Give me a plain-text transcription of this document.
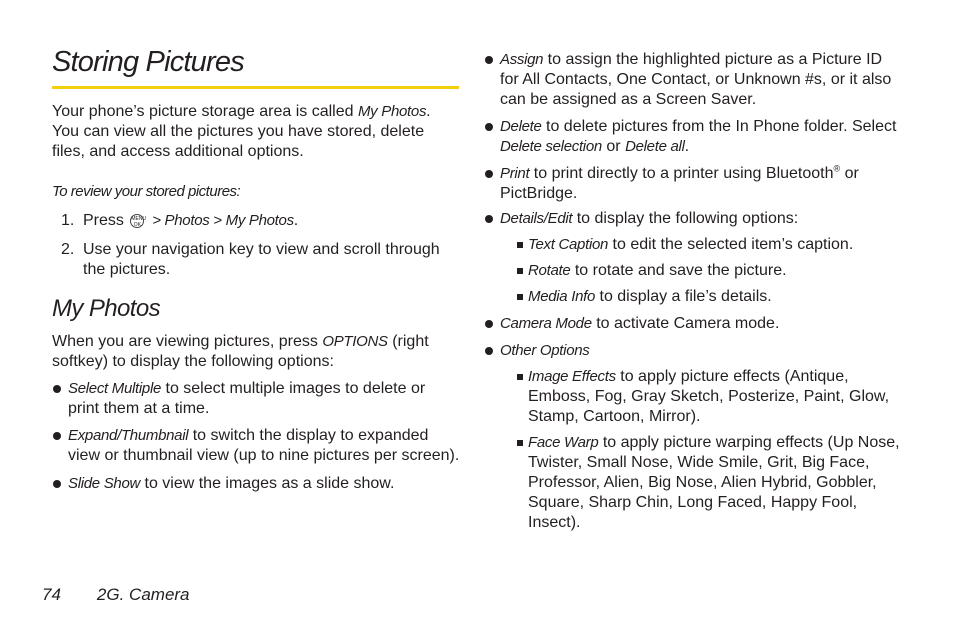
Storing Pictures

Your phone’s picture storage area is called My Photos. You can view all the pictures you have stored, delete files, and access additional options.

To review your stored pictures:

1. Press MENU OK > Photos > My Photos.
2. Use your navigation key to view and scroll through the pictures.
My Photos

When you are viewing pictures, press OPTIONS (right softkey) to display the following options:

Select Multiple to select multiple images to delete or print them at a time.
Expand/Thumbnail to switch the display to expanded view or thumbnail view (up to nine pictures per screen).
Slide Show to view the images as a slide show.
Assign to assign the highlighted picture as a Picture ID for All Contacts, One Contact, or Unknown #s, or it also can be assigned as a Screen Saver.
Delete to delete pictures from the In Phone folder. Select Delete selection or Delete all.
Print to print directly to a printer using Bluetooth® or PictBridge.
Details/Edit to display the following options:
Text Caption to edit the selected item’s caption.
Rotate to rotate and save the picture.
Media Info to display a file’s details.
Camera Mode to activate Camera mode.
Other Options
Image Effects to apply picture effects (Antique, Emboss, Fog, Gray Sketch, Posterize, Paint, Glow, Stamp, Cartoon, Mirror).
Face Warp to apply picture warping effects (Up Nose, Twister, Small Nose, Wide Smile, Grit, Big Face, Professor, Alien, Big Nose, Alien Hybrid, Gobbler, Square, Sharp Chin, Long Faced, Happy Fool, Insect).
74 2G. Camera
